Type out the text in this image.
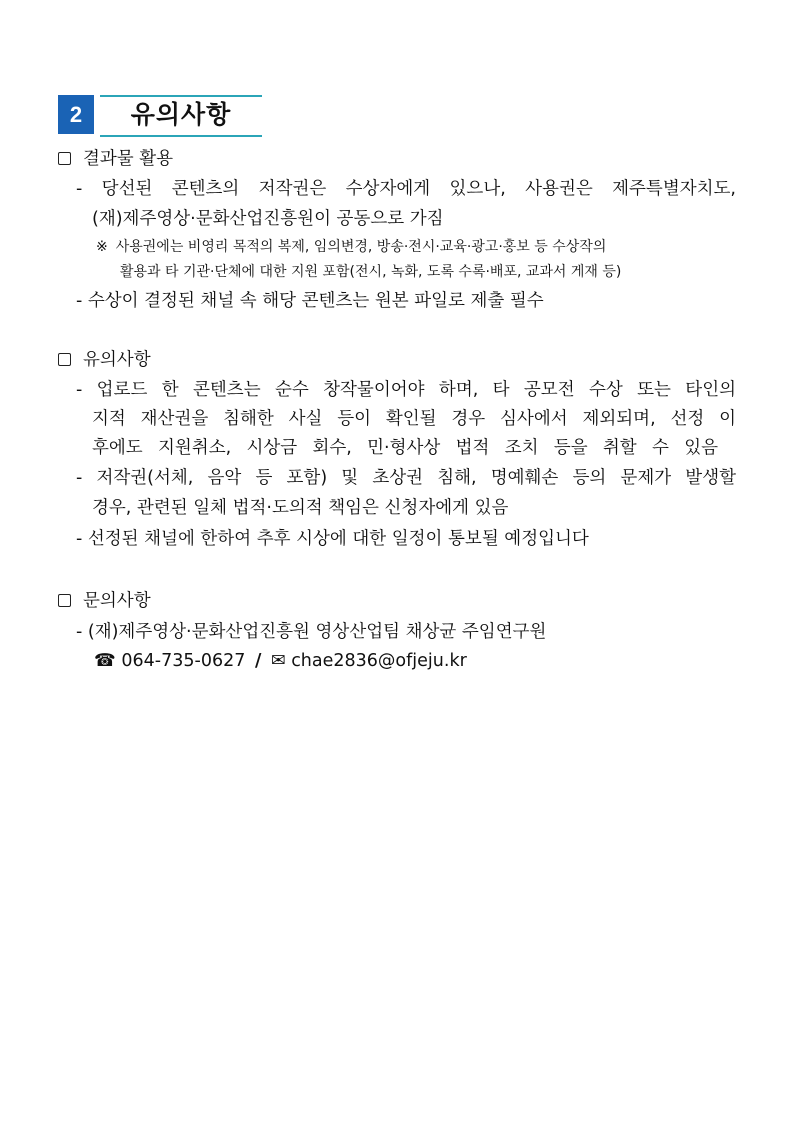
2	유의사항
결과물 활용
- 당선된 콘텐츠의 저작권은 수상자에게 있으나, 사용권은 제주특별자치도,
(재)제주영상·문화산업진흥원이 공동으로 가짐
※ 사용권에는 비영리 목적의 복제, 임의변경, 방송·전시·교육·광고·홍보 등 수상작의
활용과 타 기관·단체에 대한 지원 포함(전시, 녹화, 도록 수록·배포, 교과서 게재 등)
- 수상이 결정된 채널 속 해당 콘텐츠는 원본 파일로 제출 필수
유의사항
- 업로드 한 콘텐츠는 순수 창작물이어야 하며, 타 공모전 수상 또는 타인의
지적 재산권을 침해한 사실 등이 확인될 경우 심사에서 제외되며, 선정 이
후에도 지원취소, 시상금 회수, 민·형사상 법적 조치 등을 취할 수 있음
- 저작권(서체, 음악 등 포함) 및 초상권 침해, 명예훼손 등의 문제가 발생할
경우, 관련된 일체 법적·도의적 책임은 신청자에게 있음
- 선정된 채널에 한하여 추후 시상에 대한 일정이 통보될 예정입니다
문의사항
- (재)제주영상·문화산업진흥원 영상산업팀 채상균 주임연구원
☎ 064-735-0627 / ✉ chae2836@ofjeju.kr
